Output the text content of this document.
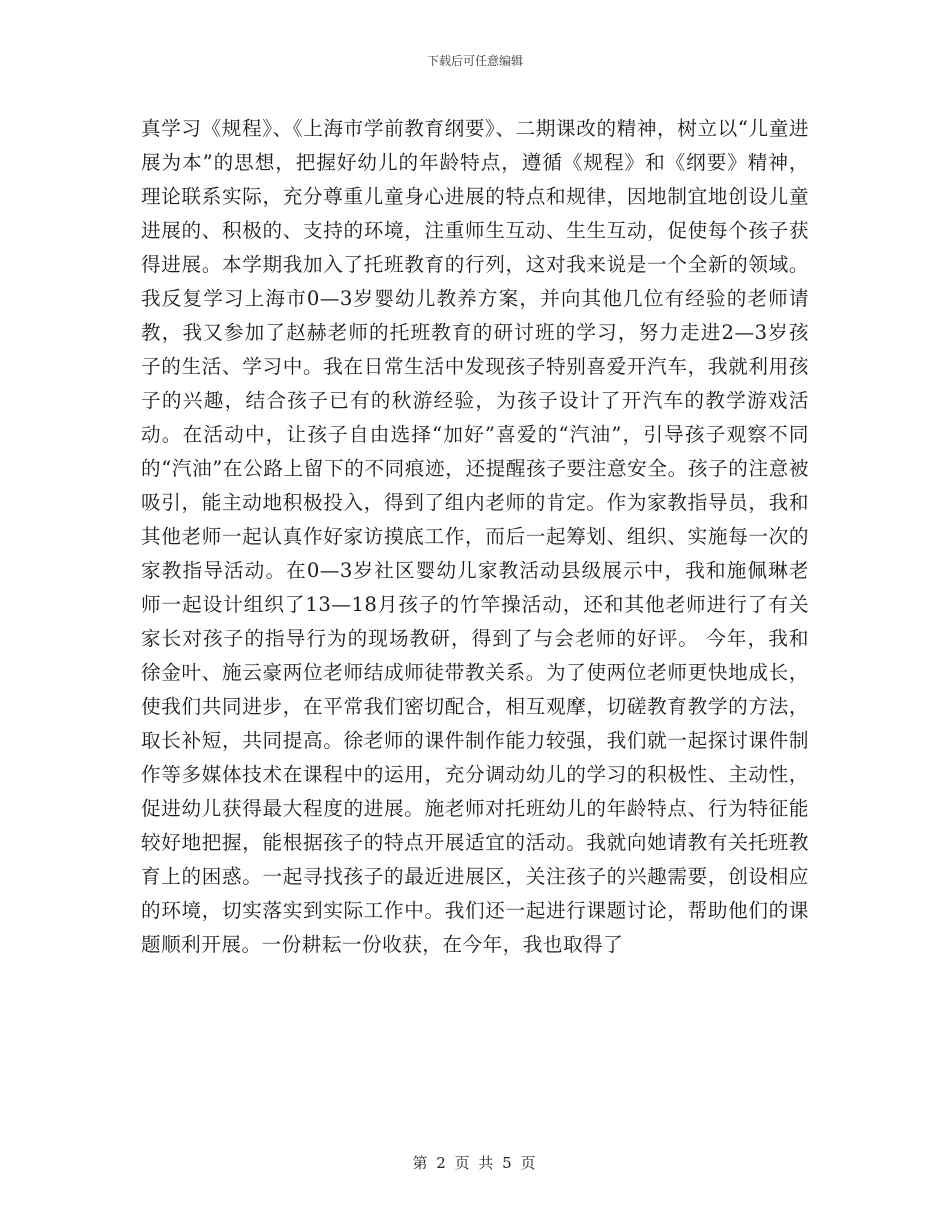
下载后可任意编辑

真学习《规程》、《上海市学前教育纲要》、二期课改的精神，树立以“儿童进展为本”的思想，把握好幼儿的年龄特点，遵循《规程》和《纲要》精神，理论联系实际，充分尊重儿童身心进展的特点和规律，因地制宜地创设儿童进展的、积极的、支持的环境，注重师生互动、生生互动，促使每个孩子获得进展。本学期我加入了托班教育的行列，这对我来说是一个全新的领域。我反复学习上海市0—3岁婴幼儿教养方案，并向其他几位有经验的老师请教，我又参加了赵赫老师的托班教育的研讨班的学习，努力走进2—3岁孩子的生活、学习中。我在日常生活中发现孩子特别喜爱开汽车，我就利用孩子的兴趣，结合孩子已有的秋游经验，为孩子设计了开汽车的教学游戏活动。在活动中，让孩子自由选择“加好”喜爱的“汽油”，引导孩子观察不同的“汽油”在公路上留下的不同痕迹，还提醒孩子要注意安全。孩子的注意被吸引，能主动地积极投入，得到了组内老师的肯定。作为家教指导员，我和其他老师一起认真作好家访摸底工作，而后一起筹划、组织、实施每一次的家教指导活动。在0—3岁社区婴幼儿家教活动县级展示中，我和施佩琳老师一起设计组织了13—18月孩子的竹竿操活动，还和其他老师进行了有关家长对孩子的指导行为的现场教研，得到了与会老师的好评。 今年，我和徐金叶、施云豪两位老师结成师徒带教关系。为了使两位老师更快地成长，使我们共同进步，在平常我们密切配合，相互观摩，切磋教育教学的方法，取长补短，共同提高。徐老师的课件制作能力较强，我们就一起探讨课件制作等多媒体技术在课程中的运用，充分调动幼儿的学习的积极性、主动性，促进幼儿获得最大程度的进展。施老师对托班幼儿的年龄特点、行为特征能较好地把握，能根据孩子的特点开展适宜的活动。我就向她请教有关托班教育上的困惑。一起寻找孩子的最近进展区，关注孩子的兴趣需要，创设相应的环境，切实落实到实际工作中。我们还一起进行课题讨论，帮助他们的课题顺利开展。一份耕耘一份收获，在今年，我也取得了

第 2 页 共 5 页
